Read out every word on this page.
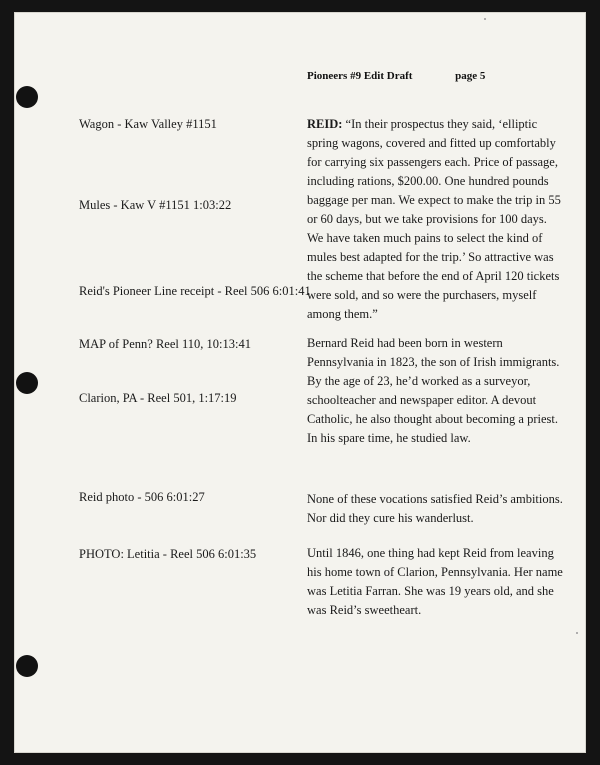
Pioneers #9 Edit Draft	page 5
Wagon - Kaw Valley #1151
Mules - Kaw V #1151 1:03:22
Reid's Pioneer Line receipt - Reel 506 6:01:41
MAP of Penn? Reel 110, 10:13:41
Clarion, PA - Reel 501, 1:17:19
Reid photo - 506 6:01:27
PHOTO: Letitia - Reel 506 6:01:35
REID: “In their prospectus they said, ‘elliptic spring wagons, covered and fitted up comfortably for carrying six passengers each. Price of passage, including rations, $200.00. One hundred pounds baggage per man. We expect to make the trip in 55 or 60 days, but we take provisions for 100 days. We have taken much pains to select the kind of mules best adapted for the trip.’ So attractive was the scheme that before the end of April 120 tickets were sold, and so were the purchasers, myself among them.”
Bernard Reid had been born in western Pennsylvania in 1823, the son of Irish immigrants. By the age of 23, he’d worked as a surveyor, schoolteacher and newspaper editor. A devout Catholic, he also thought about becoming a priest. In his spare time, he studied law.
None of these vocations satisfied Reid’s ambitions. Nor did they cure his wanderlust.
Until 1846, one thing had kept Reid from leaving his home town of Clarion, Pennsylvania. Her name was Letitia Farran. She was 19 years old, and she was Reid’s sweetheart.
